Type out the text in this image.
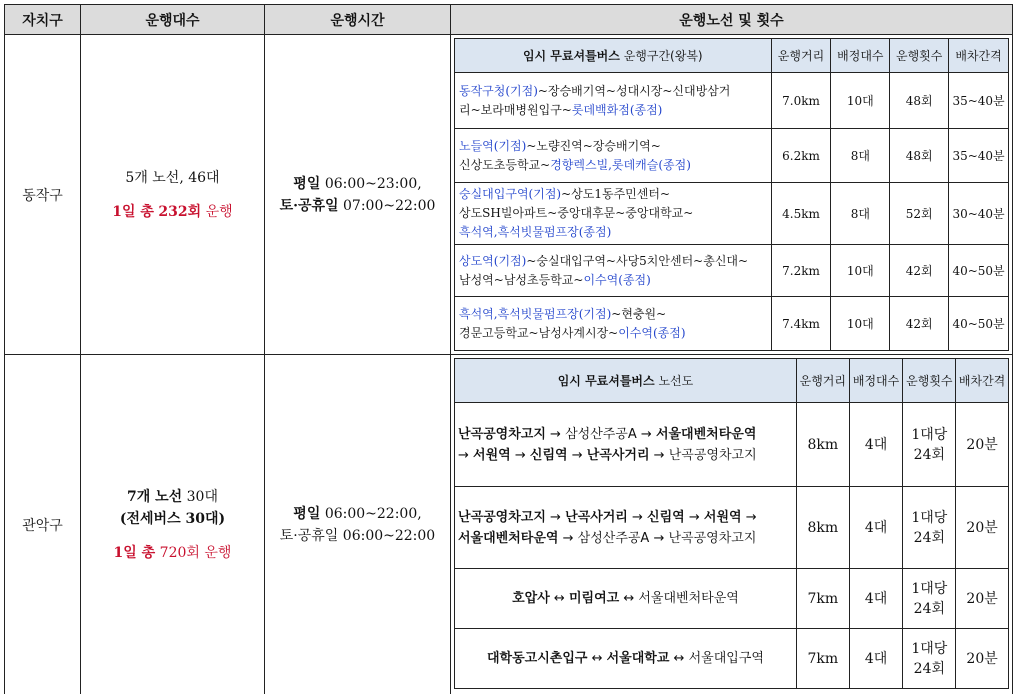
자치구	운행대수	운행시간	운행노선 및 횟수
동작구	
5개 노선, 46대
1일 총 232회 운행

평일 06:00~23:00,
토·공휴일 07:00~22:00

임시 무료셔틀버스 운행구간(왕복)	운행거리	배정대수	운행횟수	배차간격
동작구청(기점)~장승배기역~성대시장~신대방삼거
리~보라매병원입구~롯데백화점(종점)	7.0km	10대	48회	35~40분
노들역(기점)~노량진역~장승배기역~
신상도초등학교~경향렉스빌,롯데캐슬(종점)	6.2km	8대	48회	35~40분
숭실대입구역(기점)~상도1동주민센터~
상도SH빌아파트~중앙대후문~중앙대학교~
흑석역,흑석빗물펌프장(종점)	4.5km	8대	52회	30~40분
상도역(기점)~숭실대입구역~사당5치안센터~총신대~
남성역~남성초등학교~이수역(종점)	7.2km	10대	42회	40~50분
흑석역,흑석빗물펌프장(기점)~현충원~
경문고등학교~남성사계시장~이수역(종점)	7.4km	10대	42회	40~50분

관악구	
7개 노선 30대
(전세버스 30대)
1일 총 720회 운행

평일 06:00~22:00,
토·공휴일 06:00~22:00

임시 무료셔틀버스 노선도	운행거리	배정대수	운행횟수	배차간격
난곡공영차고지 → 삼성산주공A → 서울대벤처타운역
→ 서원역 → 신림역 → 난곡사거리 → 난곡공영차고지	8km	4대	1대당
24회	20분
난곡공영차고지 → 난곡사거리 → 신림역 → 서원역 →
서울대벤처타운역 → 삼성산주공A → 난곡공영차고지	8km	4대	1대당
24회	20분
호압사 ↔ 미림여고 ↔ 서울대벤처타운역	7km	4대	1대당
24회	20분
대학동고시촌입구 ↔ 서울대학교 ↔ 서울대입구역	7km	4대	1대당
24회	20분
